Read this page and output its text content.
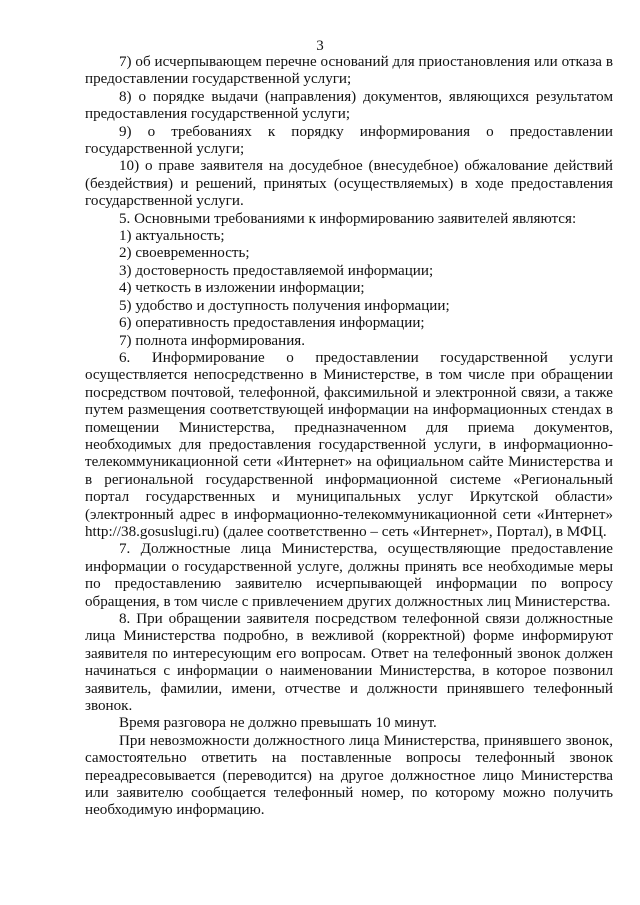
3

7) об исчерпывающем перечне оснований для приостановления или отказа в предоставлении государственной услуги;

8) о порядке выдачи (направления) документов, являющихся результатом предоставления государственной услуги;

9) о требованиях к порядку информирования о предоставлении государственной услуги;

10) о праве заявителя на досудебное (внесудебное) обжалование действий (бездействия) и решений, принятых (осуществляемых) в ходе предоставления государственной услуги.

5. Основными требованиями к информированию заявителей являются:

1) актуальность;

2) своевременность;

3) достоверность предоставляемой информации;

4) четкость в изложении информации;

5) удобство и доступность получения информации;

6) оперативность предоставления информации;

7) полнота информирования.

6. Информирование о предоставлении государственной услуги осуществляется непосредственно в Министерстве, в том числе при обращении посредством почтовой, телефонной, факсимильной и электронной связи, а также путем размещения соответствующей информации на информационных стендах в помещении Министерства, предназначенном для приема документов, необходимых для предоставления государственной услуги, в информационно-телекоммуникационной сети «Интернет» на официальном сайте Министерства и в региональной государственной информационной системе «Региональный портал государственных и муниципальных услуг Иркутской области» (электронный адрес в информационно-телекоммуникационной сети «Интернет» http://38.gosuslugi.ru) (далее соответственно – сеть «Интернет», Портал), в МФЦ.

7. Должностные лица Министерства, осуществляющие предоставление информации о государственной услуге, должны принять все необходимые меры по предоставлению заявителю исчерпывающей информации по вопросу обращения, в том числе с привлечением других должностных лиц Министерства.

8. При обращении заявителя посредством телефонной связи должностные лица Министерства подробно, в вежливой (корректной) форме информируют заявителя по интересующим его вопросам. Ответ на телефонный звонок должен начинаться с информации о наименовании Министерства, в которое позвонил заявитель, фамилии, имени, отчестве и должности принявшего телефонный звонок.

Время разговора не должно превышать 10 минут.

При невозможности должностного лица Министерства, принявшего звонок, самостоятельно ответить на поставленные вопросы телефонный звонок переадресовывается (переводится) на другое должностное лицо Министерства или заявителю сообщается телефонный номер, по которому можно получить необходимую информацию.
